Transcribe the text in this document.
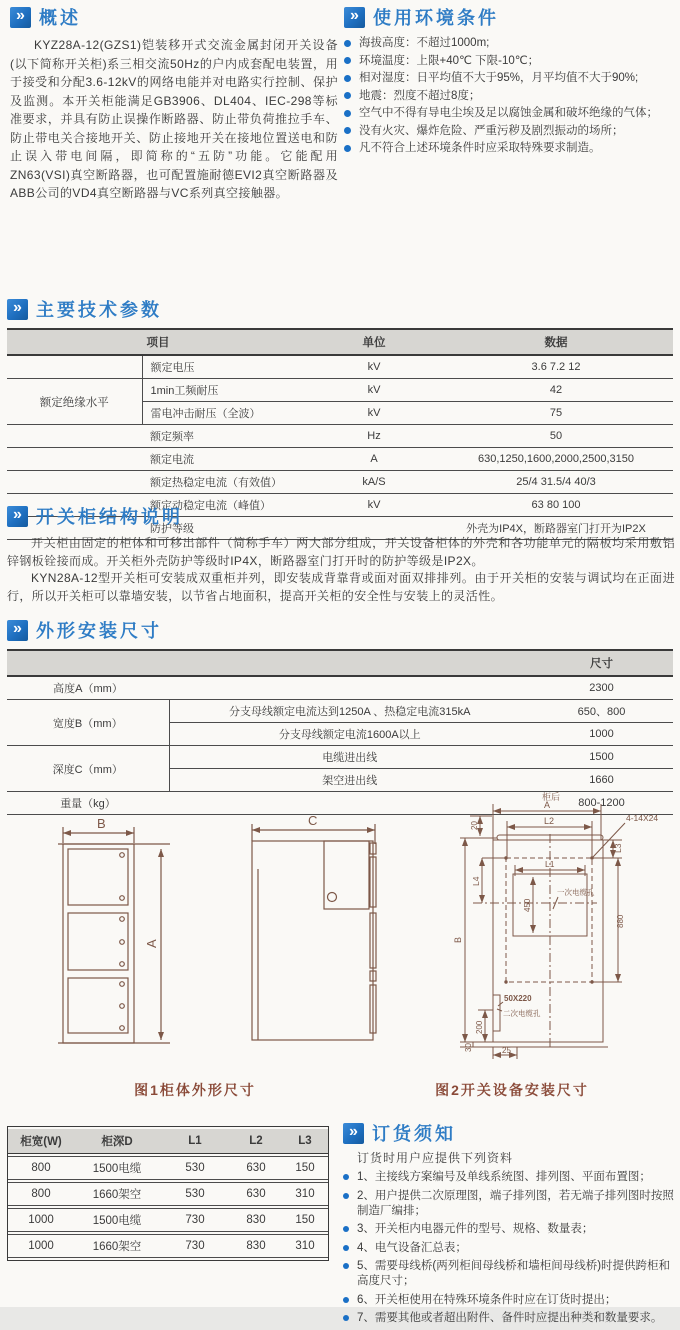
» 概述

KYZ28A-12(GZS1)铠装移开式交流金属封闭开关设备(以下简称开关柜)系三相交流50Hz的户内成套配电装置，用于接受和分配3.6-12kV的网络电能并对电路实行控制、保护及监测。本开关柜能满足GB3906、DL404、IEC-298等标准要求，并具有防止误操作断路器、防止带负荷推拉手车、防止带电关合接地开关、防止接地开关在接地位置送电和防止误入带电间隔，即简称的“五防”功能。它能配用ZN63(VSI)真空断路器，也可配置施耐德EVI2真空断路器及ABB公司的VD4真空断路器与VC系列真空接触器。

» 使用环境条件
海拔高度：不超过1000m;
环境温度：上限+40℃ 下限-10℃；
相对湿度：日平均值不大于95%，月平均值不大于90%;
地震：烈度不超过8度；
空气中不得有导电尘埃及足以腐蚀金属和破坏绝缘的气体；
没有火灾、爆炸危险、严重污秽及剧烈振动的场所；
凡不符合上述环境条件时应采取特殊要求制造。
» 主要技术参数
项目		单位	数据
	额定电压	kV	3.6 7.2 12
额定绝缘水平	1min工频耐压	kV	42
	雷电冲击耐压（全波）	kV	75
	额定频率	Hz	50
	额定电流	A	630,1250,1600,2000,2500,3150
	额定热稳定电流（有效值）	kA/S	25/4 31.5/4 40/3
	额定动稳定电流（峰值）	kV	63 80 100
	防护等级		外壳为IP4X，断路器室门打开为IP2X
» 开关柜结构说明

开关柜由固定的柜体和可移出部件（简称手车）两大部分组成，开关设备柜体的外壳和各功能单元的隔板均采用敷铝锌钢板铨接而成。开关柜外壳防护等级时IP4X，断路器室门打开时的防护等级是IP2X。

KYN28A-12型开关柜可安装成双重柜并列，即安装成背靠背或面对面双排排列。由于开关柜的安装与调试均在正面进行，所以开关柜可以靠墙安装，以节省占地面积，提高开关柜的安全性与安装上的灵活性。

» 外形安装尺寸
		尺寸
高度A（mm）		2300
宽度B（mm）	分支母线额定电流达到1250A 、热稳定电流315kA	650、800
	分支母线额定电流1600A以上	1000
深度C（mm）	电缆进出线	1500
	架空进出线	1660
重量（kg）		800-1200
B
A
C
柜后
A
L2	4-14X24
20
L4
L3
L1
450
一次电缆孔
880
B
50X220
二次电缆孔
200
30	25
图1柜体外形尺寸	图2开关设备安装尺寸
柜宽(W)	柜深D	L1	L2	L3
800	1500电缆	530	630	150
800	1660架空	530	630	310
1000	1500电缆	730	830	150
1000	1660架空	730	830	310
» 订货须知
订货时用户应提供下列资料
1、主接线方案编号及单线系统图、排列图、平面布置图；
2、用户提供二次原理图，端子排列图，若无端子排列图时按照制造厂编排；
3、开关柜内电器元件的型号、规格、数量表；
4、电气设备汇总表；
5、需要母线桥(两列柜间母线桥和墙柜间母线桥)时提供跨柜和高度尺寸；
6、开关柜使用在特殊环境条件时应在订货时提出；
7、需要其他或者超出附件、备件时应提出种类和数量要求。
